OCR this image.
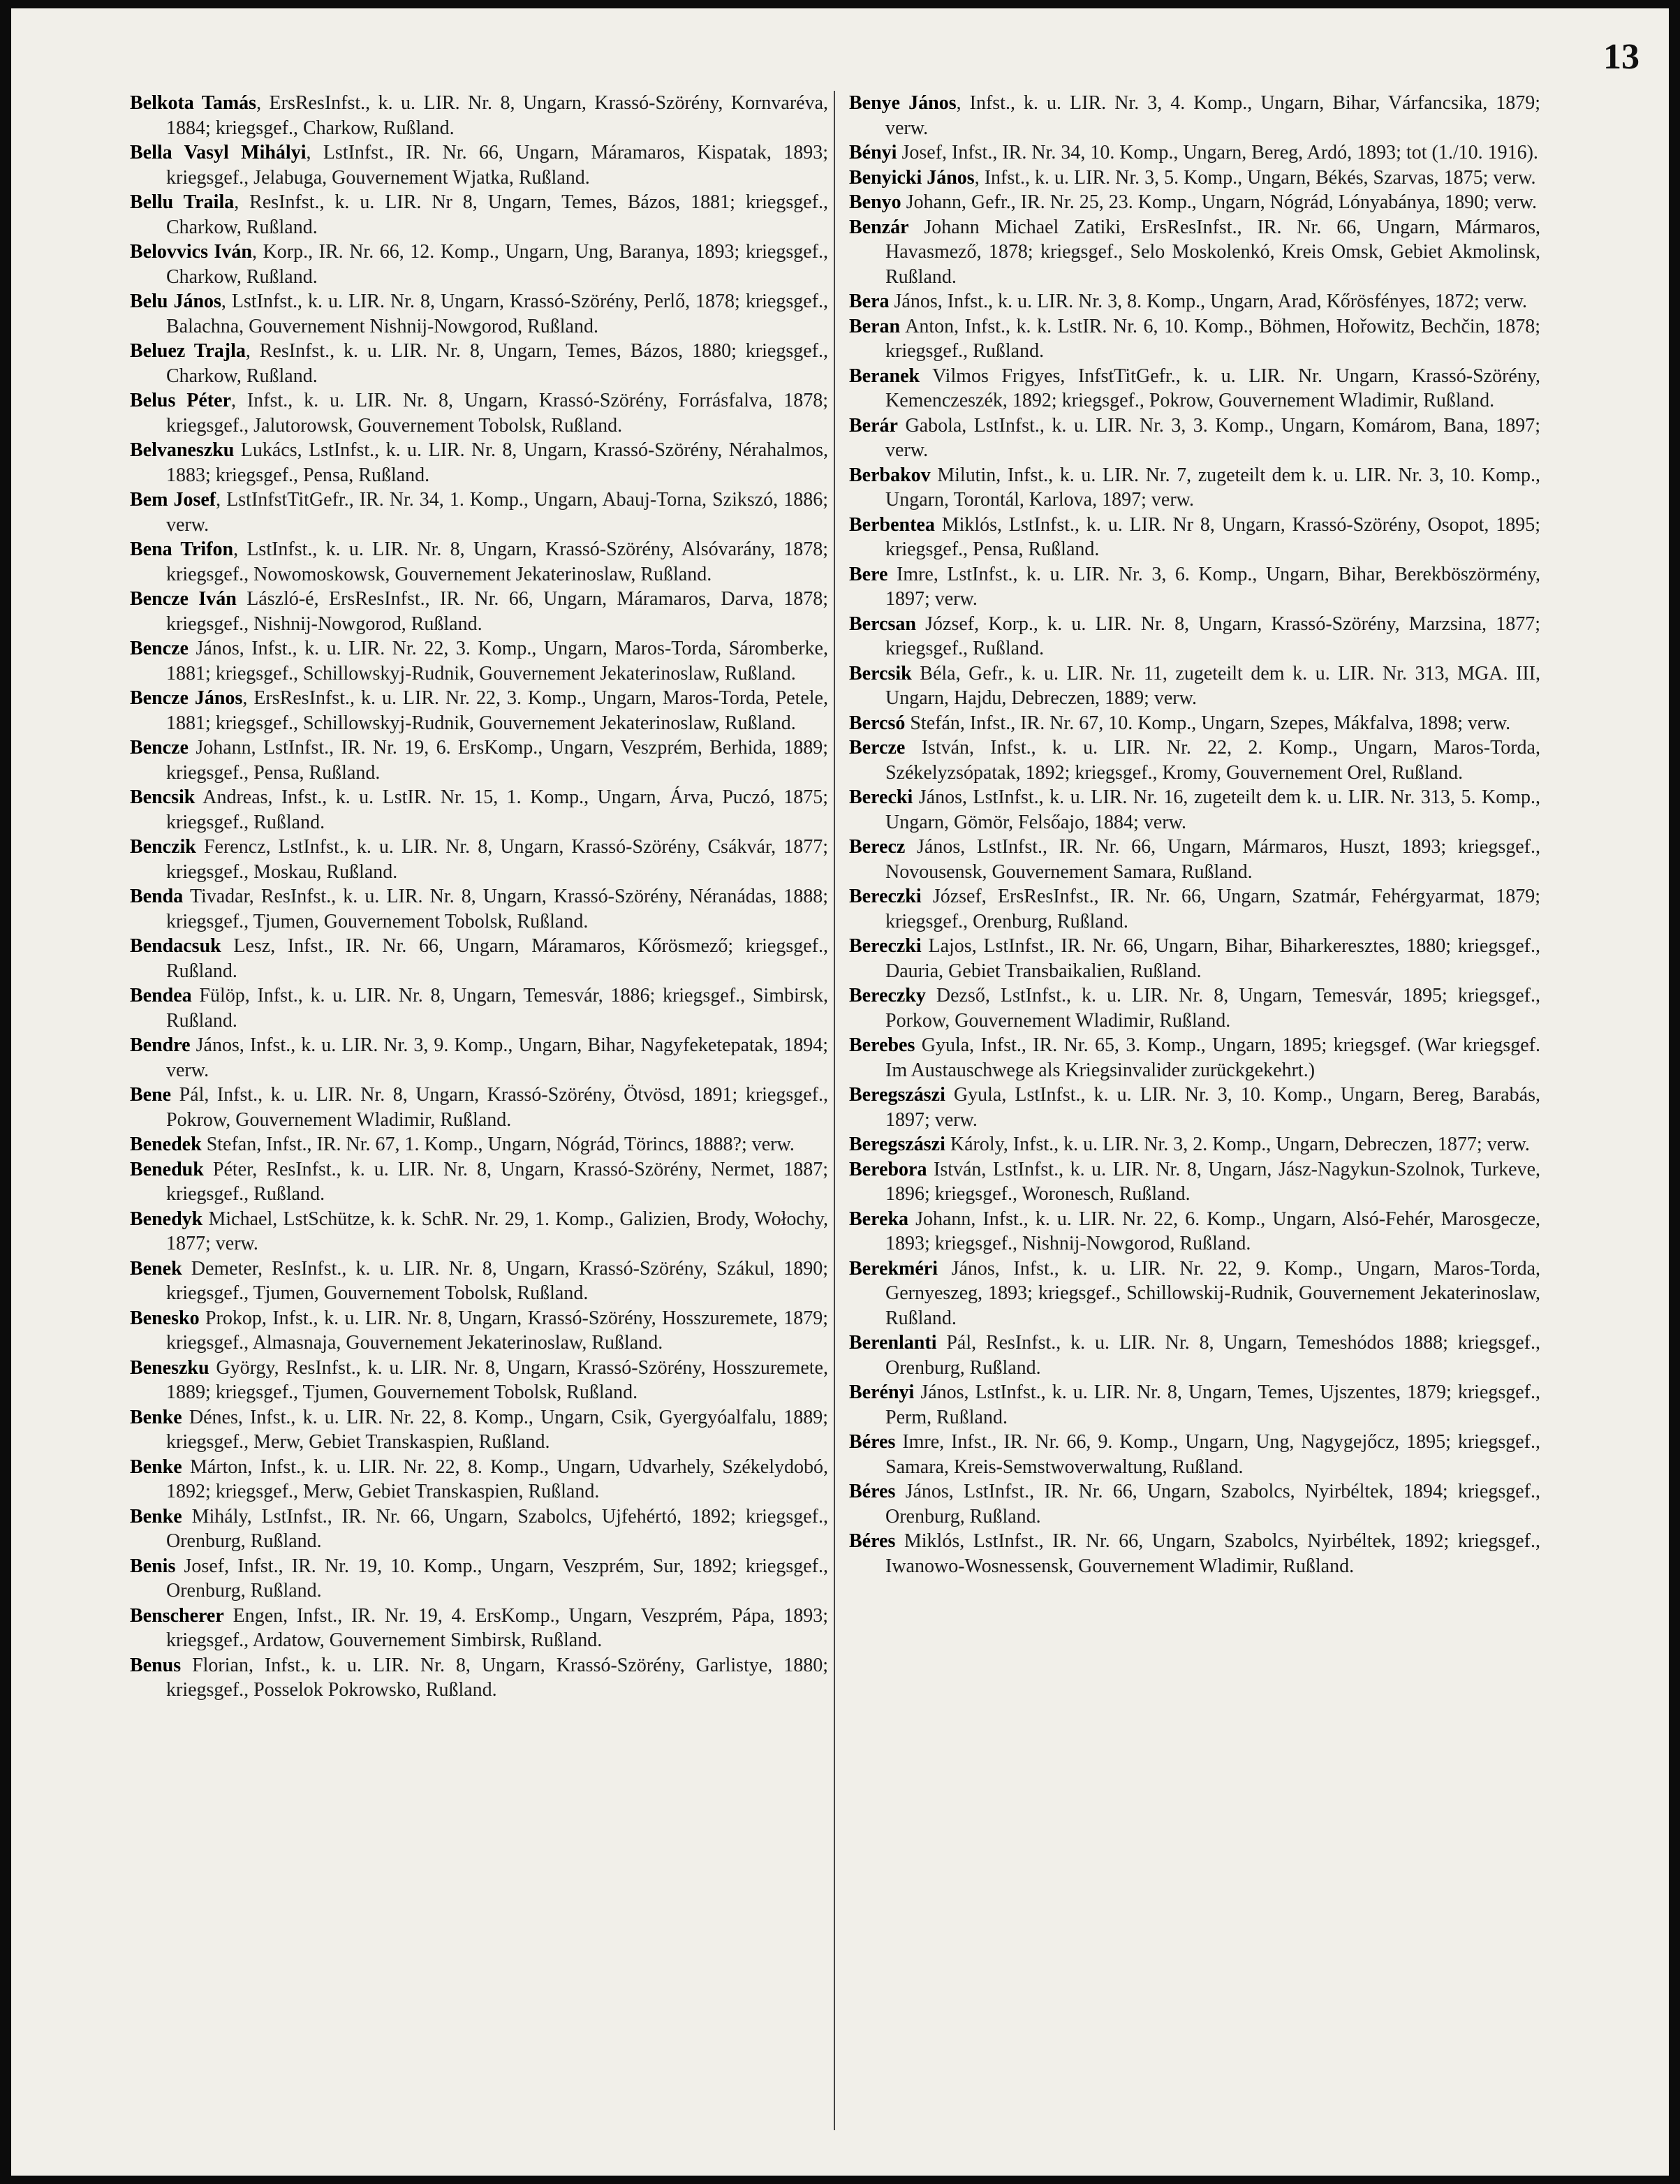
13

Belkota Tamás, ErsResInfst., k. u. LIR. Nr. 8, Ungarn, Krassó-Szörény, Kornvaréva, 1884; kriegsgef., Charkow, Rußland.

Bella Vasyl Mihályi, LstInfst., IR. Nr. 66, Ungarn, Máramaros, Kispatak, 1893; kriegsgef., Jelabuga, Gouvernement Wjatka, Rußland.

Bellu Traila, ResInfst., k. u. LIR. Nr 8, Ungarn, Temes, Bázos, 1881; kriegsgef., Charkow, Rußland.

Belovvics Iván, Korp., IR. Nr. 66, 12. Komp., Ungarn, Ung, Baranya, 1893; kriegsgef., Charkow, Rußland.

Belu János, LstInfst., k. u. LIR. Nr. 8, Ungarn, Krassó-Szörény, Perlő, 1878; kriegsgef., Balachna, Gouvernement Nishnij-Nowgorod, Rußland.

Beluez Trajla, ResInfst., k. u. LIR. Nr. 8, Ungarn, Temes, Bázos, 1880; kriegsgef., Charkow, Rußland.

Belus Péter, Infst., k. u. LIR. Nr. 8, Ungarn, Krassó-Szörény, Forrásfalva, 1878; kriegsgef., Jalutorowsk, Gouvernement Tobolsk, Rußland.

Belvaneszku Lukács, LstInfst., k. u. LIR. Nr. 8, Ungarn, Krassó-Szörény, Nérahalmos, 1883; kriegsgef., Pensa, Rußland.

Bem Josef, LstInfstTitGefr., IR. Nr. 34, 1. Komp., Ungarn, Abauj-Torna, Szikszó, 1886; verw.

Bena Trifon, LstInfst., k. u. LIR. Nr. 8, Ungarn, Krassó-Szörény, Alsóvarány, 1878; kriegsgef., Nowomoskowsk, Gouvernement Jekaterinoslaw, Rußland.

Bencze Iván László-é, ErsResInfst., IR. Nr. 66, Ungarn, Máramaros, Darva, 1878; kriegsgef., Nishnij-Nowgorod, Rußland.

Bencze János, Infst., k. u. LIR. Nr. 22, 3. Komp., Ungarn, Maros-Torda, Sáromberke, 1881; kriegsgef., Schillowskyj-Rudnik, Gouvernement Jekaterinoslaw, Rußland.

Bencze János, ErsResInfst., k. u. LIR. Nr. 22, 3. Komp., Ungarn, Maros-Torda, Petele, 1881; kriegsgef., Schillowskyj-Rudnik, Gouvernement Jekaterinoslaw, Rußland.

Bencze Johann, LstInfst., IR. Nr. 19, 6. ErsKomp., Ungarn, Veszprém, Berhida, 1889; kriegsgef., Pensa, Rußland.

Bencsik Andreas, Infst., k. u. LstIR. Nr. 15, 1. Komp., Ungarn, Árva, Puczó, 1875; kriegsgef., Rußland.

Benczik Ferencz, LstInfst., k. u. LIR. Nr. 8, Ungarn, Krassó-Szörény, Csákvár, 1877; kriegsgef., Moskau, Rußland.

Benda Tivadar, ResInfst., k. u. LIR. Nr. 8, Ungarn, Krassó-Szörény, Néranádas, 1888; kriegsgef., Tjumen, Gouvernement Tobolsk, Rußland.

Bendacsuk Lesz, Infst., IR. Nr. 66, Ungarn, Máramaros, Kőrösmező; kriegsgef., Rußland.

Bendea Fülöp, Infst., k. u. LIR. Nr. 8, Ungarn, Temesvár, 1886; kriegsgef., Simbirsk, Rußland.

Bendre János, Infst., k. u. LIR. Nr. 3, 9. Komp., Ungarn, Bihar, Nagyfeketepatak, 1894; verw.

Bene Pál, Infst., k. u. LIR. Nr. 8, Ungarn, Krassó-Szörény, Ötvösd, 1891; kriegsgef., Pokrow, Gouvernement Wladimir, Rußland.

Benedek Stefan, Infst., IR. Nr. 67, 1. Komp., Ungarn, Nógrád, Törincs, 1888?; verw.

Beneduk Péter, ResInfst., k. u. LIR. Nr. 8, Ungarn, Krassó-Szörény, Nermet, 1887; kriegsgef., Rußland.

Benedyk Michael, LstSchütze, k. k. SchR. Nr. 29, 1. Komp., Galizien, Brody, Wołochy, 1877; verw.

Benek Demeter, ResInfst., k. u. LIR. Nr. 8, Ungarn, Krassó-Szörény, Szákul, 1890; kriegsgef., Tjumen, Gouvernement Tobolsk, Rußland.

Benesko Prokop, Infst., k. u. LIR. Nr. 8, Ungarn, Krassó-Szörény, Hosszuremete, 1879; kriegsgef., Almasnaja, Gouvernement Jekaterinoslaw, Rußland.

Beneszku György, ResInfst., k. u. LIR. Nr. 8, Ungarn, Krassó-Szörény, Hosszuremete, 1889; kriegsgef., Tjumen, Gouvernement Tobolsk, Rußland.

Benke Dénes, Infst., k. u. LIR. Nr. 22, 8. Komp., Ungarn, Csik, Gyergyóalfalu, 1889; kriegsgef., Merw, Gebiet Transkaspien, Rußland.

Benke Márton, Infst., k. u. LIR. Nr. 22, 8. Komp., Ungarn, Udvarhely, Székelydobó, 1892; kriegsgef., Merw, Gebiet Transkaspien, Rußland.

Benke Mihály, LstInfst., IR. Nr. 66, Ungarn, Szabolcs, Ujfehértó, 1892; kriegsgef., Orenburg, Rußland.

Benis Josef, Infst., IR. Nr. 19, 10. Komp., Ungarn, Veszprém, Sur, 1892; kriegsgef., Orenburg, Rußland.

Benscherer Engen, Infst., IR. Nr. 19, 4. ErsKomp., Ungarn, Veszprém, Pápa, 1893; kriegsgef., Ardatow, Gouvernement Simbirsk, Rußland.

Benus Florian, Infst., k. u. LIR. Nr. 8, Ungarn, Krassó-Szörény, Garlistye, 1880; kriegsgef., Posselok Pokrowsko, Rußland.

Benye János, Infst., k. u. LIR. Nr. 3, 4. Komp., Ungarn, Bihar, Várfancsika, 1879; verw.

Bényi Josef, Infst., IR. Nr. 34, 10. Komp., Ungarn, Bereg, Ardó, 1893; tot (1./10. 1916).

Benyicki János, Infst., k. u. LIR. Nr. 3, 5. Komp., Ungarn, Békés, Szarvas, 1875; verw.

Benyo Johann, Gefr., IR. Nr. 25, 23. Komp., Ungarn, Nógrád, Lónyabánya, 1890; verw.

Benzár Johann Michael Zatiki, ErsResInfst., IR. Nr. 66, Ungarn, Mármaros, Havasmező, 1878; kriegsgef., Selo Moskolenkó, Kreis Omsk, Gebiet Akmolinsk, Rußland.

Bera János, Infst., k. u. LIR. Nr. 3, 8. Komp., Ungarn, Arad, Kőrösfényes, 1872; verw.

Beran Anton, Infst., k. k. LstIR. Nr. 6, 10. Komp., Böhmen, Hořowitz, Bechčin, 1878; kriegsgef., Rußland.

Beranek Vilmos Frigyes, InfstTitGefr., k. u. LIR. Nr. Ungarn, Krassó-Szörény, Kemenczeszék, 1892; kriegsgef., Pokrow, Gouvernement Wladimir, Rußland.

Berár Gabola, LstInfst., k. u. LIR. Nr. 3, 3. Komp., Ungarn, Komárom, Bana, 1897; verw.

Berbakov Milutin, Infst., k. u. LIR. Nr. 7, zugeteilt dem k. u. LIR. Nr. 3, 10. Komp., Ungarn, Torontál, Karlova, 1897; verw.

Berbentea Miklós, LstInfst., k. u. LIR. Nr 8, Ungarn, Krassó-Szörény, Osopot, 1895; kriegsgef., Pensa, Rußland.

Bere Imre, LstInfst., k. u. LIR. Nr. 3, 6. Komp., Ungarn, Bihar, Berekböszörmény, 1897; verw.

Bercsan József, Korp., k. u. LIR. Nr. 8, Ungarn, Krassó-Szörény, Marzsina, 1877; kriegsgef., Rußland.

Bercsik Béla, Gefr., k. u. LIR. Nr. 11, zugeteilt dem k. u. LIR. Nr. 313, MGA. III, Ungarn, Hajdu, Debreczen, 1889; verw.

Bercsó Stefán, Infst., IR. Nr. 67, 10. Komp., Ungarn, Szepes, Mákfalva, 1898; verw.

Bercze István, Infst., k. u. LIR. Nr. 22, 2. Komp., Ungarn, Maros-Torda, Székelyzsópatak, 1892; kriegsgef., Kromy, Gouvernement Orel, Rußland.

Berecki János, LstInfst., k. u. LIR. Nr. 16, zugeteilt dem k. u. LIR. Nr. 313, 5. Komp., Ungarn, Gömör, Felsőajo, 1884; verw.

Berecz János, LstInfst., IR. Nr. 66, Ungarn, Mármaros, Huszt, 1893; kriegsgef., Novousensk, Gouvernement Samara, Rußland.

Bereczki József, ErsResInfst., IR. Nr. 66, Ungarn, Szatmár, Fehérgyarmat, 1879; kriegsgef., Orenburg, Rußland.

Bereczki Lajos, LstInfst., IR. Nr. 66, Ungarn, Bihar, Biharkeresztes, 1880; kriegsgef., Dauria, Gebiet Transbaikalien, Rußland.

Bereczky Dezső, LstInfst., k. u. LIR. Nr. 8, Ungarn, Temesvár, 1895; kriegsgef., Porkow, Gouvernement Wladimir, Rußland.

Berebes Gyula, Infst., IR. Nr. 65, 3. Komp., Ungarn, 1895; kriegsgef. (War kriegsgef. Im Austauschwege als Kriegsinvalider zurückgekehrt.)

Beregszászi Gyula, LstInfst., k. u. LIR. Nr. 3, 10. Komp., Ungarn, Bereg, Barabás, 1897; verw.

Beregszászi Károly, Infst., k. u. LIR. Nr. 3, 2. Komp., Ungarn, Debreczen, 1877; verw.

Berebora István, LstInfst., k. u. LIR. Nr. 8, Ungarn, Jász-Nagykun-Szolnok, Turkeve, 1896; kriegsgef., Woronesch, Rußland.

Bereka Johann, Infst., k. u. LIR. Nr. 22, 6. Komp., Ungarn, Alsó-Fehér, Marosgecze, 1893; kriegsgef., Nishnij-Nowgorod, Rußland.

Berekméri János, Infst., k. u. LIR. Nr. 22, 9. Komp., Ungarn, Maros-Torda, Gernyeszeg, 1893; kriegsgef., Schillowskij-Rudnik, Gouvernement Jekaterinoslaw, Rußland.

Berenlanti Pál, ResInfst., k. u. LIR. Nr. 8, Ungarn, Temeshódos 1888; kriegsgef., Orenburg, Rußland.

Berényi János, LstInfst., k. u. LIR. Nr. 8, Ungarn, Temes, Ujszentes, 1879; kriegsgef., Perm, Rußland.

Béres Imre, Infst., IR. Nr. 66, 9. Komp., Ungarn, Ung, Nagygejőcz, 1895; kriegsgef., Samara, Kreis-Semstwoverwaltung, Rußland.

Béres János, LstInfst., IR. Nr. 66, Ungarn, Szabolcs, Nyirbéltek, 1894; kriegsgef., Orenburg, Rußland.

Béres Miklós, LstInfst., IR. Nr. 66, Ungarn, Szabolcs, Nyirbéltek, 1892; kriegsgef., Iwanowo-Wosnessensk, Gouvernement Wladimir, Rußland.
